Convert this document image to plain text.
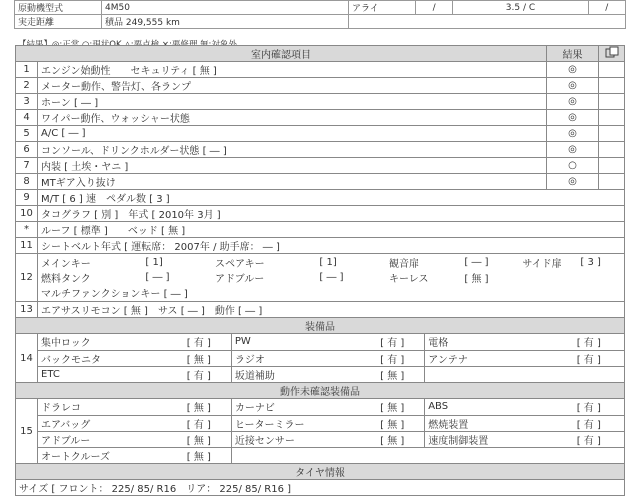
原動機型式	4M50	アライ	/	3.5 / C	/
実走距離	積品 249,555 km				
室内確認項目	結果	
1	エンジン始動性　　セキュリティ [ 無 ]	◎	
2	メーター動作、警告灯、各ランプ	◎	
3	ホーン [ ― ]	◎	
4	ワイパー動作、ウォッシャー状態	◎	
5	A/C [ ― ]	◎	
6	コンソール、ドリンクホルダー状態 [ ― ]	◎	
7	内装 [ 土埃・ヤニ ]	○	
8	MTギア入り抜け	◎	
9	M/T [ 6 ] 速　ペダル数 [ 3 ]
10	タコグラフ [ 別 ]　年式 [ 2010年 3月 ]
*	ルーフ [ 標準 ]　　ベッド [ 無 ]
11	シートベルト年式 [ 運転席： 2007年 / 助手席： ― ]
12	
メインキー	[ 1]	スペアキー	[ 1]	観音扉	[ ― ]	サイド扉	[ 3 ]
燃料タンク	[ ― ]	アドブルー	[ ― ]	キーレス	[ 無 ]		
マルチファンクションキー [ ― ]

13	エアサスリモコン [ 無 ]　サス [ ― ]　動作 [ ― ]
装備品
14	
集中ロック	[ 有 ]	PW	[ 有 ]	電格	[ 有 ]
バックモニタ	[ 無 ]	ラジオ	[ 有 ]	アンテナ	[ 有 ]
ETC	[ 有 ]	坂道補助	[ 無 ]		

動作未確認装備品
15	
ドラレコ	[ 無 ]	カーナビ	[ 無 ]	ABS	[ 有 ]
エアバッグ	[ 有 ]	ヒーターミラー	[ 無 ]	燃焼装置	[ 有 ]
アドブルー	[ 無 ]	近接センサー	[ 無 ]	速度制御装置	[ 有 ]
オートクルーズ	[ 無 ]				

タイヤ情報
サイズ [ フロント： 225/ 85/ R16　リア： 225/ 85/ R16 ]
